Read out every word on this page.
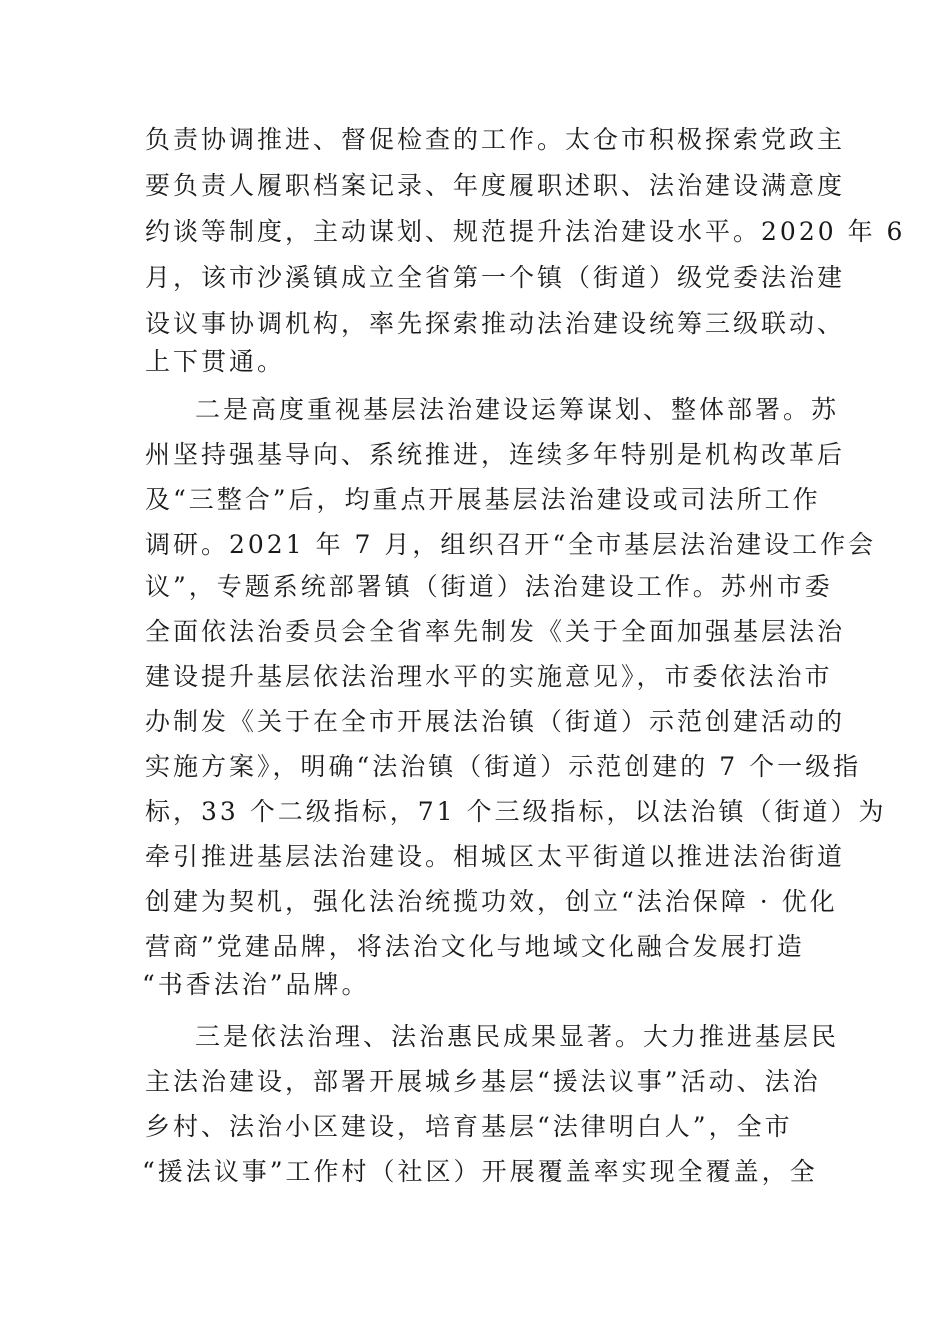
负责协调推进、督促检查的工作。太仓市积极探索党政主
要负责人履职档案记录、年度履职述职、法治建设满意度
约谈等制度，主动谋划、规范提升法治建设水平。2020 年 6
月，该市沙溪镇成立全省第一个镇（街道）级党委法治建
设议事协调机构，率先探索推动法治建设统筹三级联动、
上下贯通。
二是高度重视基层法治建设运筹谋划、整体部署。苏
州坚持强基导向、系统推进，连续多年特别是机构改革后
及“三整合”后，均重点开展基层法治建设或司法所工作
调研。2021 年 7 月，组织召开“全市基层法治建设工作会
议”，专题系统部署镇（街道）法治建设工作。苏州市委
全面依法治委员会全省率先制发《关于全面加强基层法治
建设提升基层依法治理水平的实施意见》，市委依法治市
办制发《关于在全市开展法治镇（街道）示范创建活动的
实施方案》，明确“法治镇（街道）示范创建的 7 个一级指
标，33 个二级指标，71 个三级指标，以法治镇（街道）为
牵引推进基层法治建设。相城区太平街道以推进法治街道
创建为契机，强化法治统揽功效，创立“法治保障 · 优化
营商”党建品牌，将法治文化与地域文化融合发展打造
“书香法治”品牌。
三是依法治理、法治惠民成果显著。大力推进基层民
主法治建设，部署开展城乡基层“援法议事”活动、法治
乡村、法治小区建设，培育基层“法律明白人”，全市
“援法议事”工作村（社区）开展覆盖率实现全覆盖，全
